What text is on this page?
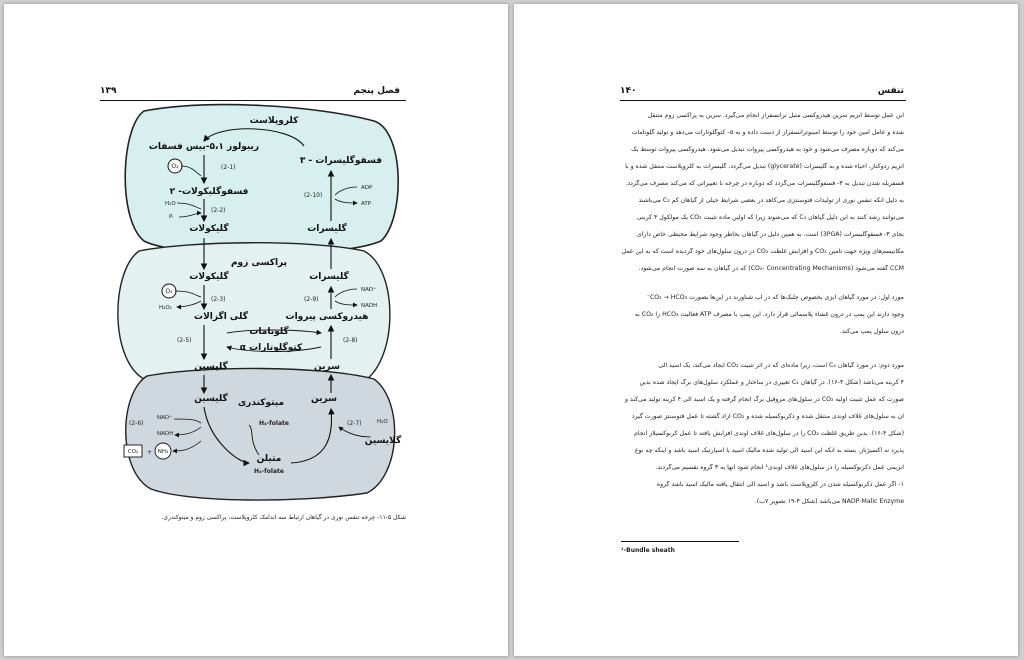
فصل پنجم
۱۳۹
کلروپلاست
ریبولوز ۵،۱-بیس فسفات
۳ - فسفوگلیسرات
۲ -فسفوگلیکولات
گلیکولات	گلیسرات
O₂	(2-1)
H₂O
Pᵢ
(2-2)
ADP
ATP
(2-10)
پراکسی زوم
گلیکولات	گلیسرات
گلی اگزالات	هیدروکسی پیروات
گلوتامات
α کتوگلوتارات
گلیسین	سرین
O₂
H₂O₂
(2-3)	(2-9)
NAD⁺
NADH
(2-5)	(2-8)
گلیسین	سرین
میتوکندری
H₄-folate
متیلن
H₄-folate
گلایسین
H₂O
NAD⁺
NADH
(2-6)	(2-7)
CO₂ + NH₃
شکل ۵-۱۱- چرخه تنفس نوری در گیاهان ارتباط سه اندامک کلروپلاست، پراکسی زوم و میتوکندری.
تنفس
۱۴۰
این عمل توسط آنزیم سرین هیدروکسی متیل ترانسفراز انجام می‌گیرد. سرین به پراکسی زوم منتقل
شده و عامل آمین خود را توسط آمینوترانسفراز از دست داده و به α- کتوگلوتارات می‌دهد و تولید گلوتامات
می‌کند که دوباره مصرف می‌شود و خود به هیدروکسی پیروات تبدیل می‌شود. هیدروکسی پیروات توسط یک
آنزیم ردوکتاز، احیاء شده و به گلیسرات (glycerate) تبدیل می‌گردد. گلیسرات به کلروپلاست منتقل شده و با
فسفریله شدن تبدیل به ۳- فسفوگلیسرات می‌گردد که دوباره در چرخه با تغییراتی که می‌کند مصرف می‌گردد.
به دلیل آنکه تنفس نوری از تولیدات فتوسنتزی می‌کاهد در بعضی شرایط خیلی از گیاهان کم C₃ می‌باشند
می‌توانند رشد کنند به این دلیل گیاهان C₄ که می‌شوند زیرا که اولین ماده تثبیت CO₂ یک مولکول ۴ کربنی
بجای ۳- فسفوگلیسرات (3PGA) است. به همین دلیل در گیاهان بخاطر وجود شرایط محیطی خاص دارای
مکانیسم‌های ویژه جهت تأمین CO₂ و افزایش غلظت CO₂ در درون سلول‌های خود گردیده است که به این عمل
CCM گفته می‌شود (CO₂- Concentrating Mechanisms) که در گیاهان به سه صورت انجام می‌شود.
مورد اول: در مورد گیاهان آبزی بخصوص جلبک‌ها که در آب شناورند در این‌ها بصورت CO₂ → HCO₃⁻
وجود دارند این پمپ در درون غشاء پلاسمائی قرار دارد. این پمپ با مصرف ATP فعالیت HCO₃ را CO₂ به
درون سلول پمپ می‌کند.
مورد دوم: در مورد گیاهان C₄ است، زیرا ماده‌ای که در اثر تثبیت CO₂ ایجاد می‌کند، یک اسید آلی
۴ کربنه می‌باشد (شکل ۴-۱۶). در گیاهان C₄ تغییری در ساختار و عملکرد سلول‌های برگ ایجاد شده بدین
صورت که عمل تثبیت اولیه CO₂ در سلول‌های مزوفیل برگ انجام گرفته و یک اسید آلی ۴ کربنه تولید می‌کند و
آن به سلول‌های غلاف آوندی منتقل شده و دکربوکسیله شده و CO₂ آزاد گشته تا عمل فتوسنتز صورت گیرد
(شکل ۴-۱۶). بدین طریق غلظت CO₂ را در سلول‌های غلاف آوندی افزایش یافته تا عمل کربوکسیلاز انجام
پذیرد نه اکسیژناز. بسته به آنکه این اسید آلی تولید شده مالیک اسید یا آسپارتیک اسید باشد و اینکه چه نوع
آنزیمی عمل دکربوکسیله را در سلول‌های غلاف آوندی¹ انجام شود آنها به ۳ گروه تقسیم می‌گردند.
۱- اگر عمل دکربوکسیله شدن در کلروپلاست باشد و اسید آلی انتقال یافته مالیک اسید باشد گروه
NADP-Malic Enzyme می‌باشد (شکل ۴-۱۹ تصویر ۷ب).
¹-Bundle sheath
